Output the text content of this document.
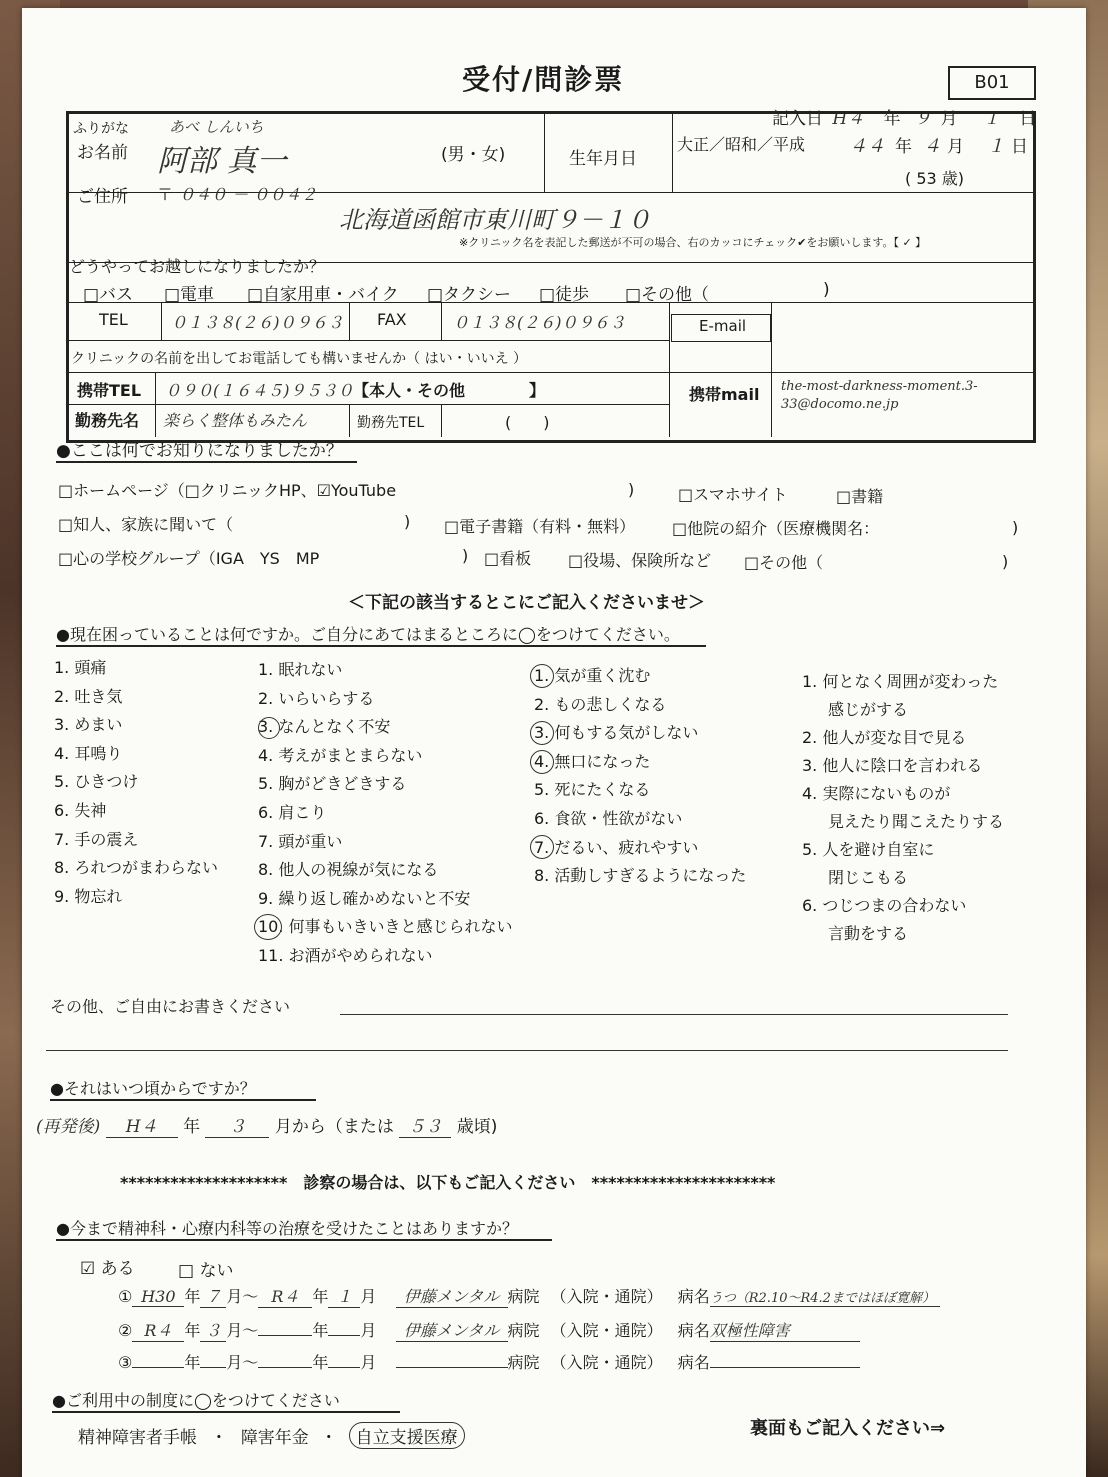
受付/問診票	B01
記入日 H４ 年 ９ 月 １ 日
ふりがな	あべ しんいち
お名前 阿部 真一	(男・女)	生年月日
大正／昭和／平成 ４４ 年 ４ 月 １ 日
( 53 歳)
ご住所 〒 ０４０ － ００４２
北海道函館市東川町９－１０
※クリニック名を表記した郵送が不可の場合、右のカッコにチェック✔をお願いします。【 ✓ 】
どうやってお越しになりましたか？
□バス □電車 □自家用車・バイク □タクシー □徒歩 □その他（	)
TEL	０１３８(２６)０９６３ FAX	０１３８(２６)０９６３	E-mail
クリニックの名前を出してお電話しても構いませんか（ はい・いいえ ）
携帯TEL ０９０(１６４５)９５３０ 【本人・その他　　　　】	携帯mail the-most-darkness-moment.3-33@docomo.ne.jp
勤務先名 楽らく整体もみたん	勤務先TEL	(　　)
●ここは何でお知りになりましたか？
□ホームページ（□クリニックHP、☑YouTube	)	□スマホサイト	□書籍
□知人、家族に聞いて（	) □電子書籍（有料・無料） □他院の紹介（医療機関名：	)
□心の学校グループ（IGA　YS　MP	) □看板 □役場、保険所など □その他（	)
＜下記の該当するとこにご記入くださいませ＞
●現在困っていることは何ですか。ご自分にあてはまるところに◯をつけてください。
1. 頭痛
2. 吐き気
3. めまい
4. 耳鳴り
5. ひきつけ
6. 失神
7. 手の震え
8. ろれつがまわらない
9. 物忘れ
1. 眠れない
2. いらいらする
3. なんとなく不安
4. 考えがまとまらない
5. 胸がどきどきする
6. 肩こり
7. 頭が重い
8. 他人の視線が気になる
9. 繰り返し確かめないと不安
10. 何事もいきいきと感じられない
11. お酒がやめられない
1. 気が重く沈む
2. もの悲しくなる
3. 何もする気がしない
4. 無口になった
5. 死にたくなる
6. 食欲・性欲がない
7. だるい、疲れやすい
8. 活動しすぎるようになった
1. 何となく周囲が変わった
感じがする
2. 他人が変な目で見る
3. 他人に陰口を言われる
4. 実際にないものが
見えたり聞こえたりする
5. 人を避け自室に
閉じこもる
6. つじつまの合わない
言動をする
その他、ご自由にお書きください
●それはいつ頃からですか？
(再発後) H４ 年 ３ 月から（または ５３ 歳頃)
********************　診察の場合は、以下もご記入ください　**********************
●今まで精神科・心療内科等の治療を受けたことはありますか？
☑ ある	□ ない
① H30 年 ７ 月～ R４ 年 １ 月 伊藤メンタル 病院 （入院・通院） 病名うつ（R2.10～R4.2まではほぼ寛解）
② R４ 年 ３ 月～	年 月 伊藤メンタル 病院 （入院・通院） 病名双極性障害
③	年 月～	年 月	病院 （入院・通院） 病名
●ご利用中の制度に◯をつけてください
精神障害者手帳 ・ 障害年金 ・ 自立支援医療	裏面もご記入ください⇒
